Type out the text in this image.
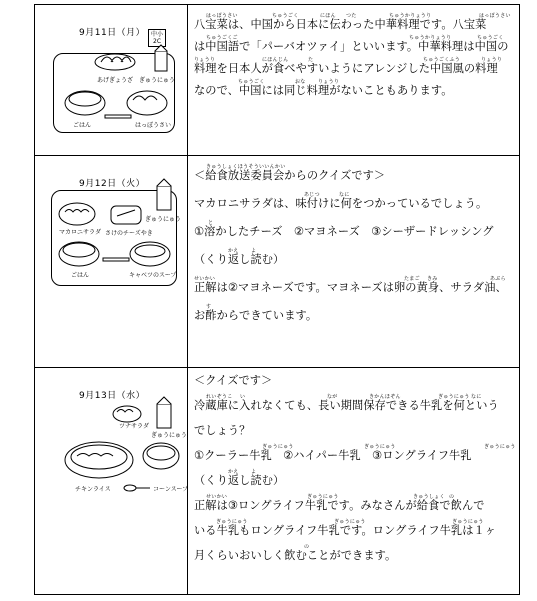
9月11日（月） 中小
2C
あげぎょうざ ぎゅうにゅう
ごはん	はっぽうさい
八宝菜は、中国から日本に伝わった中華料理です。八宝菜
はっぽうさい	ちゅうごく	にほん つた	ちゅうかりょうり	はっぽうさい
は中国語で「パーバオツァイ」といいます。中華料理は中国の
ちゅうごくご	ちゅうかりょうり	ちゅうごく
料理を日本人が食べやすいようにアレンジした中国風の料理
りょうり	にほんじん	た	ちゅうごくふう	りょうり
なので、中国には同じ料理がないこともあります。
ちゅうごく	おな りょうり
9月12日（火）
マカロニサラダ さけのチーズやき
ぎゅうにゅう
ごはん	キャベツのスープ
＜給食放送委員会からのクイズです＞
きゅうしょくほうそういいんかい
マカロニサラダは、味付けに何をつかっているでしょう。
あじつ	なに
①溶かしたチーズ　②マヨネーズ　③シーザードレッシング
と
（くり返し読む）
かえ よ
正解は②マヨネーズです。マヨネーズは卵の黄身、サラダ油、
せいかい	たまご きみ	あぶら
お酢からできています。
す
9月13日（水）
ツナサラダ
ぎゅうにゅう
チキンライス	コーンスープ
＜クイズです＞
冷蔵庫に入れなくても、長い期間保存できる牛乳を何という
れいぞうこ い	なが	きかんほぞん	ぎゅうにゅう なに
でしょう？
①クーラー牛乳　②ハイパー牛乳　③ロングライフ牛乳
ぎゅうにゅう	ぎゅうにゅう	ぎゅうにゅう
（くり返し読む）
かえ よ
正解は③ロングライフ牛乳です。みなさんが給食で飲んで
せいかい	ぎゅうにゅう	きゅうしょく の
いる牛乳もロングライフ牛乳です。ロングライフ牛乳は１ヶ
ぎゅうにゅう	ぎゅうにゅう	ぎゅうにゅう
月くらいおいしく飲むことができます。
の
